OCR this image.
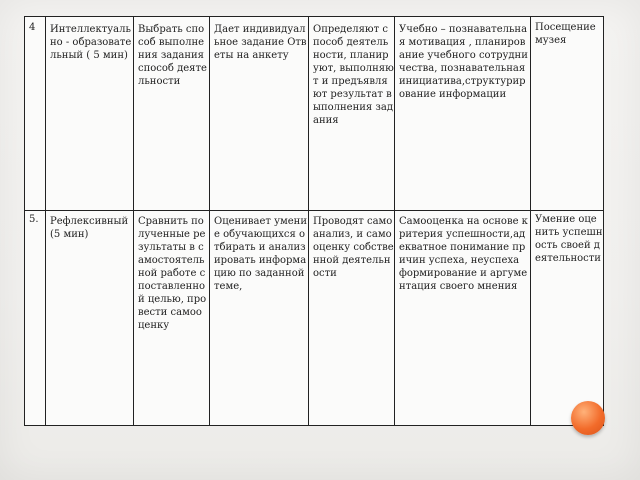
4	Интеллектуально - образовательный ( 5 мин)
Выбрать способ выполнения задания способ деятельности
Дает индивидуальное задание Ответы на анкету
Определяют способ деятельности, планируют, выполняют и предъявляют результат выполнения задания
Учебно – познавательная мотивация , планирование учебного сотрудничества, познавательная инициатива,структурирование информации
Посещение музея
5.	Рефлексивный (5 мин)
Сравнить полученные результаты в самостоятельной работе с поставленной целью, провести самооценку
Оценивает умение обучающихся отбирать и анализировать информацию по заданной теме,
Проводят самоанализ, и самооценку собственной деятельности
Самооценка на основе критерия успешности,адекватное понимание причин успеха, неуспеха формирование и аргументация своего мнения
Умение оценить успешность своей деятельности
